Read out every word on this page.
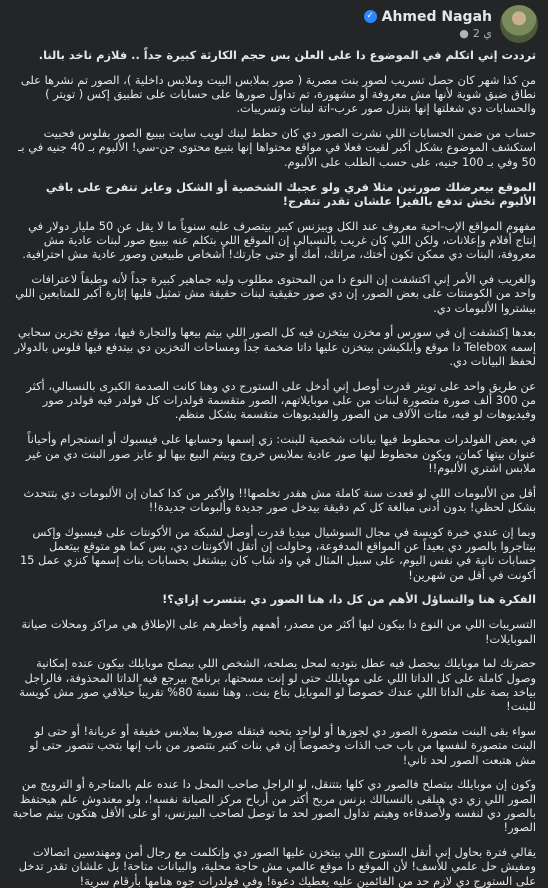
✓ Ahmed Nagah
● 2 ي

ترددت إني اتكلم في الموضوع دا على العلن بس حجم الكارثة كبيرة جداً .. فلازم ناخد بالنا.

من كذا شهر كان حصل تسريب لصور بنت مصرية ( صور بملابس البيت وملابس داخلية )، الصور تم نشرها على نطاق ضيق شوية لأنها مش معروفة أو مشهورة، تم تداول صورها على حسابات على تطبيق إكس ( تويتر ) والحسابات دي شغلتها إنها بتنزل صور عرب-اتة لبنات وتسريبات.

حساب من ضمن الحسابات اللي نشرت الصور دي كان حطط لينك لويب سايت بيبيع الصور بفلوس فحبيت استكشف الموضوع بشكل أكبر لقيت فعلا في مواقع محتواها إنها بتبيع محتوى جن-سي! الألبوم بـ 40 جنيه في بـ 50 وفي بـ 100 جنيه، على حسب الطلب على الألبوم.

الموقع بيعرضلك صورتين مثلا فري ولو عجبك الشخصية أو الشكل وعايز تتفرج على باقي الألبوم تخش تدفع بالفيزا علشان تقدر تتفرج!

مفهوم المواقع الإب-احية معروف عند الكل وبيزنس كبير بيتصرف عليه سنوياً ما لا يقل عن 50 مليار دولار في إنتاج أفلام وإعلانات، ولكن اللي كان غريب بالنسبالي إن الموقع اللي بتكلم عنه بيبيع صور لبنات عادية مش معروفة، البنات دي ممكن تكون أختك، مراتك، أمك أو حتى جارتك! أشخاص طبيعين وصور عادية مش احترافية.

والغريب في الأمر إني اكتشفت إن النوع دا من المحتوى مطلوب وليه جماهير كبيرة جداً لأنه وطبقاً لاعترافات واحد من الكومنتات على بعض الصور، إن دي صور حقيقية لبنات حقيقة مش تمثيل فليها إثارة أكبر للمتابعين اللي بيشتروا الألبومات دي.

بعدها إكتشفت إن في سورس أو مخزن بيتخزن فيه كل الصور اللي بيتم بيعها والتجارة فيها، موقع تخزين سحابي إسمه Telebox دا موقع وأبلكيشن بيتخزن عليها داتا ضخمة جداً ومساحات التخزين دي بيتدفع فيها فلوس بالدولار لحفظ البيانات دي.

عن طريق واحد على تويتر قدرت أوصل إني أدخل على الستورج دي وهنا كانت الصدمة الكبرى بالنسبالي، أكثر من 300 ألف صورة متصورة لبنات من على موبايلاتهم، الصور متقسمة فولدرات كل فولدر فيه فولدر صور وفيديوهات لو فيه، مئات الآلاف من الصور والفيديوهات متقسمة بشكل منظم.

في بعض الفولدرات محطوط فيها بيانات شخصية للبنت: زي إسمها وحسابها على فيسبوك أو انستجرام وأحياناً عنوان بيتها كمان، ويكون محطوط ليها صور عادية بملابس خروج وبيتم البيع بيها لو عايز صور البنت دي من غير ملابس اشتري الألبوم!!

أقل من الألبومات اللي لو قعدت سنة كاملة مش هقدر تخلصها!! والأكبر من كدا كمان إن الألبومات دي بتتحدث بشكل لحظي! بدون أدنى مبالغة كل كم دقيقة بيدخل صور جديدة وألبومات جديدة!!

وبما إن عندي خبرة كويسة في مجال السوشيال ميديا قدرت أوصل لشبكة من الأكونتات على فيسبوك وإكس بيتاجروا بالصور دي بعيداً عن المواقع المدفوعة، وحاولت إن أتقل الأكونتات دي، بس كما هو متوقع بيتعمل حسابات تانية في نفس اليوم، على سبيل المثال في واد شاب كان بيشتغل بحسابات بنات إسمها كنزي عمل 15 أكونت في أقل من شهرين!

الفكرة هنا والتساؤل الأهم من كل دا، هنا الصور دي بتتسرب إزاي؟!

التسريبات اللي من النوع دا بيكون ليها أكثر من مصدر، أهمهم وأخطرهم على الإطلاق هي مراكز ومحلات صيانة الموبايلات!

حضرتك لما موبايلك بيحصل فيه عطل بتوديه لمحل يصلحه، الشخص اللي بيصلح موبايلك بيكون عنده إمكانية وصول كاملة على كل الداتا اللي على موبايلك حتى لو إنت مسحتها، برنامج بيرجع فيه الداتا المحذوفة، فالراجل بياخد بصة على الداتا اللي عندك خصوصاً لو الموبايل بتاع بنت.. وهنا نسبة 80% تقريباً حيلاقي صور مش كويسة للبنت!

سواء بقى البنت متصورة الصور دي لجوزها أو لواحد بتحبه فبتقله صورها بملابس خفيفة أو عريانة! أو حتى لو البنت متصورة لنفسها من باب حب الذات وخصوصاً إن في بنات كتير بتتصور من باب إنها بتحب تتصور حتى لو مش هتبعت الصور لحد تاني!

وكون إن موبايلك بيتصلح فالصور دي كلها بتتنقل، لو الراجل صاحب المحل دا عنده علم بالمتاجرة أو الترويج من الصور اللي زي دي هيلقى بالنسبالك بزنس مربح أكتر من أرباح مركز الصيانة نفسه!، ولو معندوش علم هيحتفظ بالصور دي لنفسه ولأصدقاءه وهيتم تداول الصور لحد ما توصل لصاحب البيزنس، أو على الأقل هتكون بيتم صاحبة الصور!

يقالي فترة بحاول إني أتقل الستورج اللي بيتخزن عليها الصور دي وإتكلمت مع رجال أمن ومهندسين اتصالات ومفيش حل علمي للأسف! لأن الموقع دا موقع عالمي مش حاجة محلية، والبيانات متاحة! بل علشان تقدر تدخل على الستورج دي لازم حد من القائمين عليه يعطيك دعوة! وفي فولدرات جوه هنامها بأرقام سرية!
